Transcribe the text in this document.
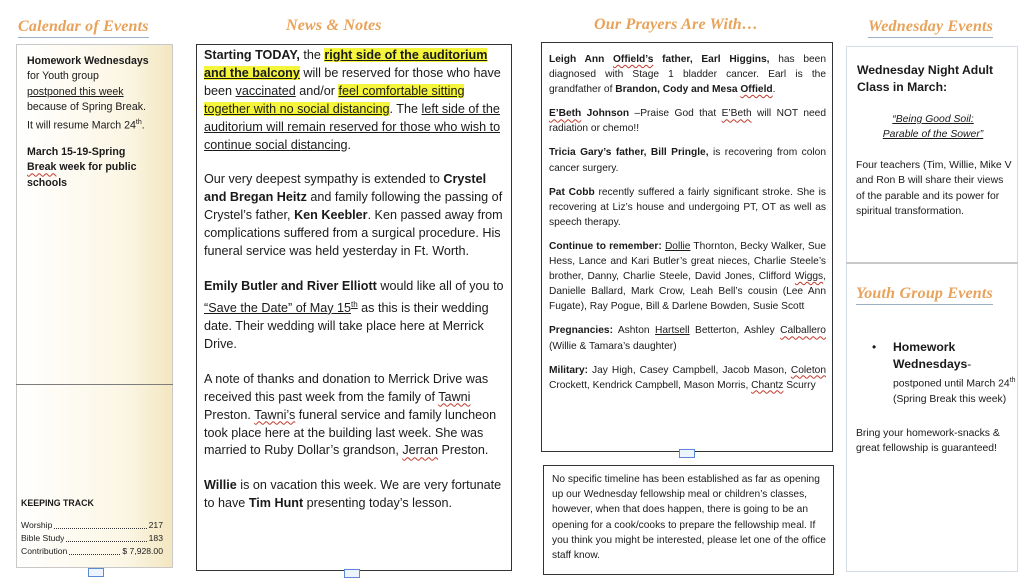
Calendar of Events	News & Notes	Our Prayers Are With…	Wednesday Events
Youth Group Events
Homework Wednesdays
for Youth group
postponed this week
because of Spring Break.
It will resume March 24th.
March 15-19-Spring
Break week for public
schools
KEEPING TRACK
Worship	217
Bible Study	183
Contribution	$ 7,928.00

Starting TODAY, the right side of the auditorium and the balcony will be reserved for those who have been vaccinated and/or feel comfortable sitting together with no social distancing. The left side of the auditorium will remain reserved for those who wish to continue social distancing.

Our very deepest sympathy is extended to Crystel and Bregan Heitz and family following the passing of Crystel’s father, Ken Keebler. Ken passed away from complications suffered from a surgical procedure. His funeral service was held yesterday in Ft. Worth.

Emily Butler and River Elliott would like all of you to “Save the Date” of May 15th as this is their wedding date. Their wedding will take place here at Merrick Drive.

A note of thanks and donation to Merrick Drive was received this past week from the family of Tawni Preston. Tawni’s funeral service and family luncheon took place here at the building last week. She was married to Ruby Dollar’s grandson, Jerran Preston.

Willie is on vacation this week. We are very fortunate to have Tim Hunt presenting today’s lesson.

Leigh Ann Offield’s father, Earl Higgins, has been diagnosed with Stage 1 bladder cancer. Earl is the grandfather of Brandon, Cody and Mesa Offield.

E’Beth Johnson –Praise God that E’Beth will NOT need radiation or chemo!!

Tricia Gary’s father, Bill Pringle, is recovering from colon cancer surgery.

Pat Cobb recently suffered a fairly significant stroke. She is recovering at Liz’s house and undergoing PT, OT as well as speech therapy.

Continue to remember: Dollie Thornton, Becky Walker, Sue Hess, Lance and Kari Butler’s great nieces, Charlie Steele’s brother, Danny, Charlie Steele, David Jones, Clifford Wiggs, Danielle Ballard, Mark Crow, Leah Bell’s cousin (Lee Ann Fugate), Ray Pogue, Bill & Darlene Bowden, Susie Scott

Pregnancies: Ashton Hartsell Betterton, Ashley Calballero (Willie & Tamara’s daughter)

Military: Jay High, Casey Campbell, Jacob Mason, Coleton Crockett, Kendrick Campbell, Mason Morris, Chantz Scurry

No specific timeline has been established as far as opening up our Wednesday fellowship meal or children’s classes, however, when that does happen, there is going to be an opening for a cook/cooks to prepare the fellowship meal. If you think you might be interested, please let one of the office staff know.
Wednesday Night Adult Class in March:
“Being Good Soil:
Parable of the Sower”
Four teachers (Tim, Willie, Mike V and Ron B will share their views of the parable and its power for spiritual transformation.
• Homework Wednesdays-
postponed until March 24th (Spring Break this week)
Bring your homework-snacks & great fellowship is guaranteed!
